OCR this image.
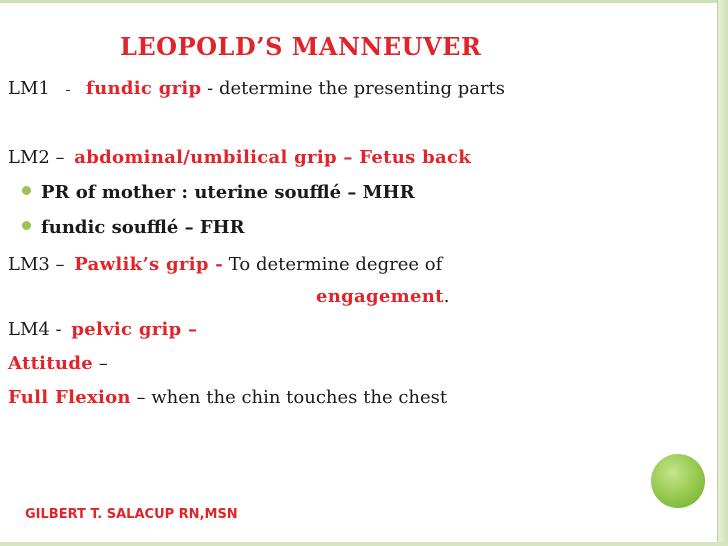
LEOPOLD’S MANNEUVER
LM1 - fundic grip - determine the presenting parts
LM2 – abdominal/umbilical grip – Fetus back
PR of mother : uterine soufflé – MHR
fundic soufflé – FHR
LM3 – Pawlik’s grip - To determine degree of
engagement.
LM4 - pelvic grip –
Attitude –
Full Flexion – when the chin touches the chest
GILBERT T. SALACUP RN,MSN
